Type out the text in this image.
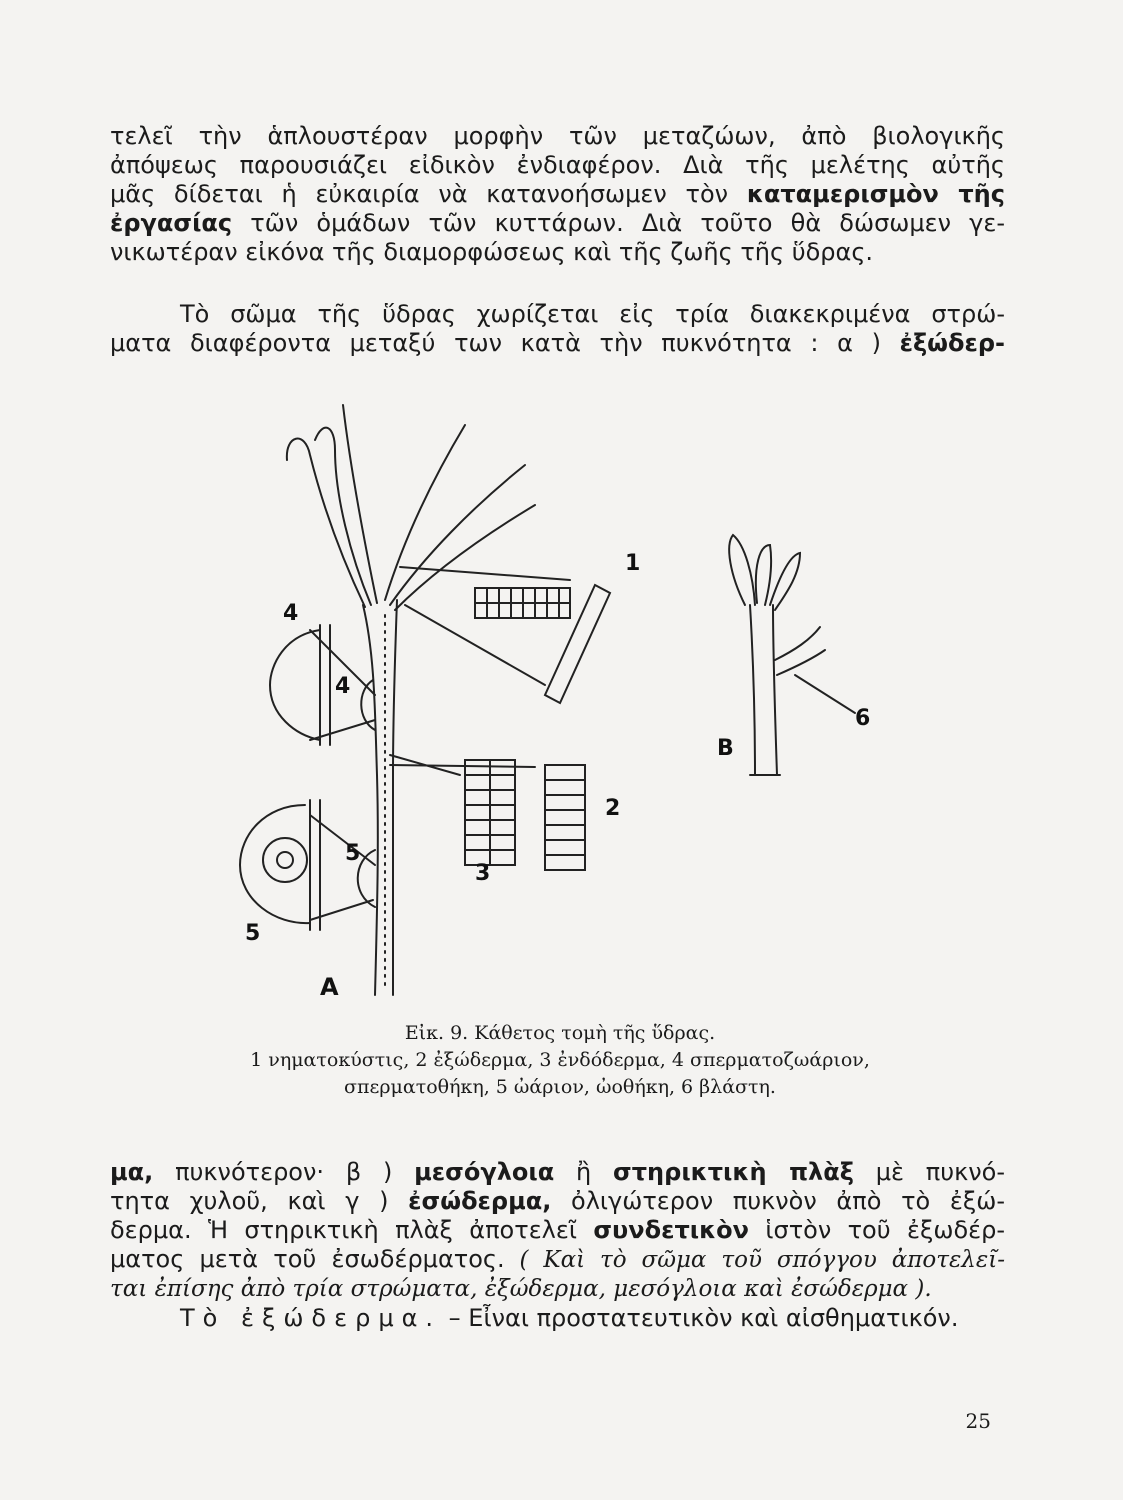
τελεῖ τὴν ἁπλουστέραν μορφὴν τῶν μεταζώων, ἀπὸ βιολογικῆς
ἀπόψεως παρουσιάζει εἰδικὸν ἐνδιαφέρον. Διὰ τῆς μελέτης αὐτῆς
μᾶς δίδεται ἡ εὐκαιρία νὰ κατανοήσωμεν τὸν καταμερισμὸν τῆς
ἐργασίας τῶν ὁμάδων τῶν κυττάρων. Διὰ τοῦτο θὰ δώσωμεν γε-
νικωτέραν εἰκόνα τῆς διαμορφώσεως καὶ τῆς ζωῆς τῆς ὕδρας.
Τὸ σῶμα τῆς ὕδρας χωρίζεται εἰς τρία διακεκριμένα στρώ-
ματα διαφέροντα μεταξύ των κατὰ τὴν πυκνότητα : α ) ἐξώδερ-
1
4
4
2
3
5
5
6
B
A
Εἰκ. 9. Κάθετος τομὴ τῆς ὕδρας.
1 νηματοκύστις, 2 ἐξώδερμα, 3 ἐνδόδερμα, 4 σπερματοζωάριον,
σπερματοθήκη, 5 ὠάριον, ὠοθήκη, 6 βλάστη.
μα, πυκνότερον· β ) μεσόγλοια ἢ στηρικτικὴ πλὰξ μὲ πυκνό-
τητα χυλοῦ, καὶ γ ) ἐσώδερμα, ὀλιγώτερον πυκνὸν ἀπὸ τὸ ἐξώ-
δερμα. Ἡ στηρικτικὴ πλὰξ ἀποτελεῖ συνδετικὸν ἱστὸν τοῦ ἐξωδέρ-
ματος μετὰ τοῦ ἐσωδέρματος. ( Καὶ τὸ σῶμα τοῦ σπόγγου ἀποτελεῖ-
ται ἐπίσης ἀπὸ τρία στρώματα, ἐξώδερμα, μεσόγλοια καὶ ἐσώδερμα ).
Τὸ ἐξώδερμα. – Εἶναι προστατευτικὸν καὶ αἰσθηματικόν.
25
